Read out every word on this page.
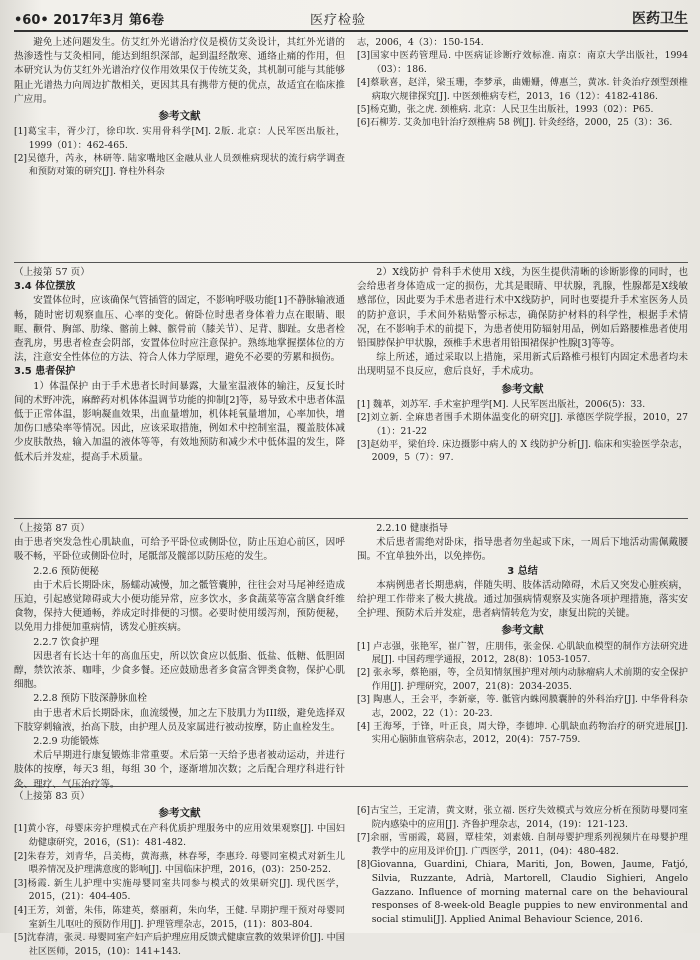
•60• 2017年3月 第6卷	医疗检验	医药卫生

避免上述问题发生。仿艾红外光谱治疗仪是模仿艾灸设计，其红外光谱的热渗透性与艾灸相同，能达到组织深部，起到温经散寒、通络止痛的作用，但本研究认为仿艾红外光谱治疗仪作用效果仅于传统艾灸，其机制可能与其能够阻止光谱热力向周边扩散相关，更因其具有携带方便的优点，故适宜在临床推广应用。

参考文献

[1]葛宝丰，胥少汀，徐印坎. 实用骨科学[M]. 2版. 北京：人民军医出版社，1999（01）：462-465.

[2]吴德升，芮永，林研等. 陆家嘴地区金融从业人员颈椎病现状的流行病学调查和预防对策的研究[J]. 脊柱外科杂

志，2006，4（3）：150-154.

[3]国家中医药管理局. 中医病证诊断疗效标准. 南京：南京大学出版社，1994（03）：186.

[4]蔡耿喜，赵洋，梁玉珊，李梦承，曲姗姗，傅惠兰，黄冰. 针灸治疗颈型颈椎病取穴规律探究[J]. 中医颈椎病专栏，2013，16（12）：4182-4186.

[5]杨克勤，张之虎. 颈椎病. 北京：人民卫生出版社，1993（02）：P65.

[6]石柳芳. 艾灸加电针治疗颈椎病 58 例[J]. 针灸经络，2000，25（3）：36.

（上接第 57 页）

3.4 体位摆放

安置体位时，应该确保气管插管的固定，不影响呼吸功能[1]不静脉输液通畅，随时密切观察血压、心率的变化。俯卧位时患者身体着力点在眼睛、眼眶、颧骨、胸部、肋缘、髂前上棘、髌骨前（膝关节）、足背、脚趾。女患者检查乳房，男患者检查会阴部，安置体位时应注意保护。熟练地掌握摆体位的方法，注意安全性体位的方法、符合人体力学原理，避免不必要的劳累和损伤。

3.5 患者保护

1）体温保护 由于手术患者长时间暴露，大量室温液体的输注，反复长时间的术野冲洗，麻醉药对机体体温调节功能的抑制[2]等，易导致术中患者体温低于正常体温，影响凝血效果，出血量增加，机体耗氧量增加，心率加快，增加伤口感染率等情况。因此，应该采取措施，例如术中控制室温，覆盖肢体减少皮肤散热，输入加温的液体等等，有效地预防和减少术中低体温的发生，降低术后并发症，提高手术质量。

2）X线防护 骨科手术使用 X线，为医生提供清晰的诊断影像的同时，也会给患者身体造成一定的损伤，尤其是眼睛、甲状腺，乳腺，性腺都是X线敏感部位，因此要为手术患者进行术中X线防护，同时也要提升手术室医务人员的防护意识，手术间外粘贴警示标志，确保防护材料的科学性，根据手术情况，在不影响手术的前提下，为患者使用防辐射用品，例如后路腰椎患者使用铅围脖保护甲状腺，颈椎手术患者用铅围裙保护性腺[3]等等。

综上所述，通过采取以上措施，采用新式后路椎弓根钉内固定术患者均未出现明显不良反应，愈后良好，手术成功。

参考文献

[1] 魏革，刘苏军. 手术室护理学[M]. 人民军医出版社，2006(5)：33.

[2]刘立新. 全麻患者围手术期体温变化的研究[J]. 承德医学院学报，2010，27（1）：21-22

[3]赵幼平，梁伯玲. 床边摄影中病人的 X 线防护分析[J]. 临床和实验医学杂志，2009，5（7）：97.

（上接第 87 页）

由于患者突发急性心肌缺血，可给予平卧位或侧卧位，防止压迫心前区，因呼吸不畅，平卧位或侧卧位时，尾骶部及髋部以防压疮的发生。

2.2.6 预防便秘

由于术后长期卧床，肠蠕动减慢，加之骶管囊肿，往往会对马尾神经造成压迫，引起感觉障碍或大小便功能异常，应多饮水，多食蔬菜等富含膳食纤维食物，保持大便通畅，养成定时排便的习惯。必要时使用缓泻剂，预防便秘，以免用力排便加重病情，诱发心脏疾病。

2.2.7 饮食护理

因患者有长达十年的高血压史，所以饮食应以低脂、低盐、低糖、低胆固醇，禁饮浓茶、咖啡，少食多餐。还应鼓励患者多食富含钾类食物，保护心肌细胞。

2.2.8 预防下肢深静脉血栓

由于患者术后长期卧床，血流缓慢，加之左下肢肌力为III级，避免选择双下肢穿刺输液，抬高下肢，由护理人员及家属进行被动按摩，防止血栓发生。

2.2.9 功能锻炼

术后早期进行康复锻炼非常重要。术后第一天给予患者被动运动，并进行肢体的按摩，每天3 组，每组 30 个，逐渐增加次数；之后配合理疗科进行针灸、理疗、气压治疗等。

2.2.10 健康指导

术后患者需绝对卧床，指导患者勿坐起或下床，一周后下地活动需佩戴腰围。不宜单独外出，以免摔伤。

3 总结

本病例患者长期患病，伴随失明、肢体活动障碍，术后又突发心脏疾病，给护理工作带来了极大挑战。通过加强病情观察及实施各项护理措施，落实安全护理、预防术后并发症，患者病情转危为安，康复出院的关键。

参考文献

[1] 卢志强，张艳军，崔广智，庄朋伟，张金保. 心肌缺血模型的制作方法研究进展[J]. 中国药理学通报，2012，28(8)：1053-1057.

[2] 张永琴，蔡艳丽，等，全员知情氛围护理对颅内动脉瘤病人术前期的安全保护作用[J]. 护理研究，2007，21(8)：2034-2035.

[3] 陶惠人，王会平，李新豪，等. 骶管内蛛网膜囊肿的外科治疗[J]. 中华骨科杂志，2002，22（1）：20-23.

[4] 王海琴，于锋，叶正良，周大铮，李德坤. 心肌缺血药物治疗的研究进展[J]. 实用心脑肺血管病杂志，2012，20(4)：757-759.

（上接第 83 页）

参考文献

[1]黄小容，母婴床旁护理模式在产科优质护理服务中的应用效果观察[J]. 中国妇幼健康研究，2016，(S1)：481-482.

[2]朱春芳，刘青华，吕美梅，黄海燕，林春琴，李惠玲. 母婴同室模式对新生儿喂养情况及护理满意度的影响[J]. 中国临床护理，2016，(03)：250-252.

[3]杨霞. 新生儿护理中实施母婴同室共同参与模式的效果研究[J]. 现代医学，2015，(21)：404-405.

[4]王芳，刘蕾，朱伟，陈建英，蔡丽莉，朱向华，王健. 早期护理干预对母婴同室新生儿呕吐的预防作用[J]. 护理管理杂志，2015，(11)：803-804.

[5]沈春清，张灵. 母婴同室产妇产后护理应用反馈式健康宣教的效果评价[J]. 中国社区医师，2015，(10)：141+143.

[6]古宝兰，王定清，黄文财，张立福. 医疗失效模式与效应分析在预防母婴同室院内感染中的应用[J]. 齐鲁护理杂志，2014，(19)：121-123.

[7]余丽，雪丽霞，葛圆，覃桂荣，刘素娥. 自制母婴护理系列视频片在母婴护理教学中的应用及评价[J]. 广西医学，2011，(04)：480-482.

[8]Giovanna, Guardini, Chiara, Mariti, Jon, Bowen, Jaume, Fatjó, Silvia, Ruzzante, Adrià, Martorell, Claudio Sighieri, Angelo Gazzano. Influence of morning maternal care on the behavioural responses of 8-week-old Beagle puppies to new environmental and social stimuli[J]. Applied Animal Behaviour Science, 2016.
